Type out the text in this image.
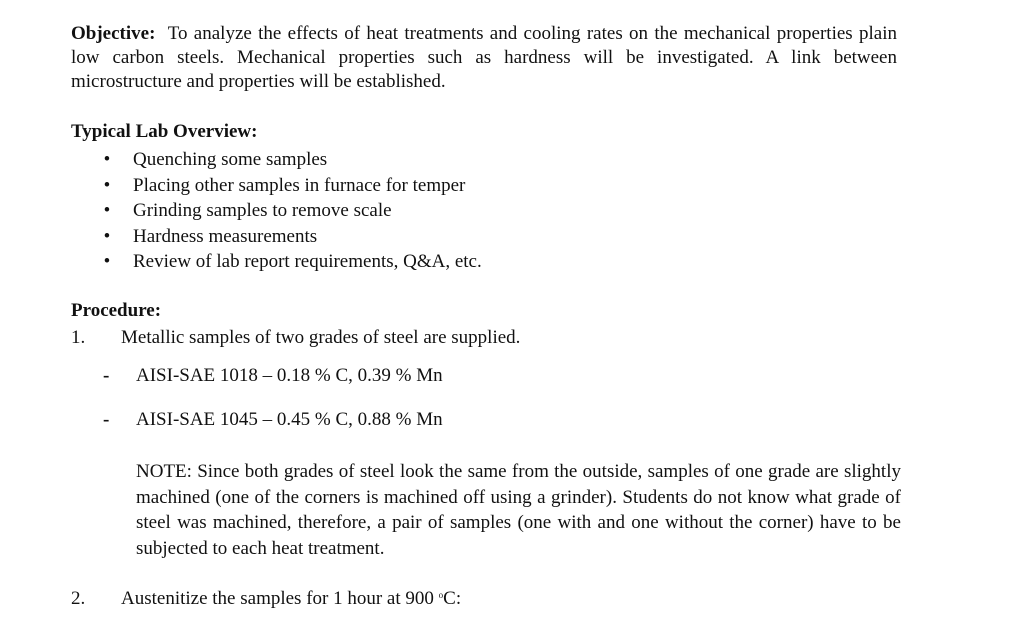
Objective: To analyze the effects of heat treatments and cooling rates on the mechanical properties plain low carbon steels. Mechanical properties such as hardness will be investigated. A link between microstructure and properties will be established.
Typical Lab Overview:
• Quenching some samples
• Placing other samples in furnace for temper
• Grinding samples to remove scale
• Hardness measurements
• Review of lab report requirements, Q&A, etc.
Procedure:
1. Metallic samples of two grades of steel are supplied.
- AISI-SAE 1018 – 0.18 % C, 0.39 % Mn
- AISI-SAE 1045 – 0.45 % C, 0.88 % Mn
NOTE: Since both grades of steel look the same from the outside, samples of one grade are slightly machined (one of the corners is machined off using a grinder). Students do not know what grade of steel was machined, therefore, a pair of samples (one with and one without the corner) have to be subjected to each heat treatment.
2. Austenitize the samples for 1 hour at 900 $^o$C:
